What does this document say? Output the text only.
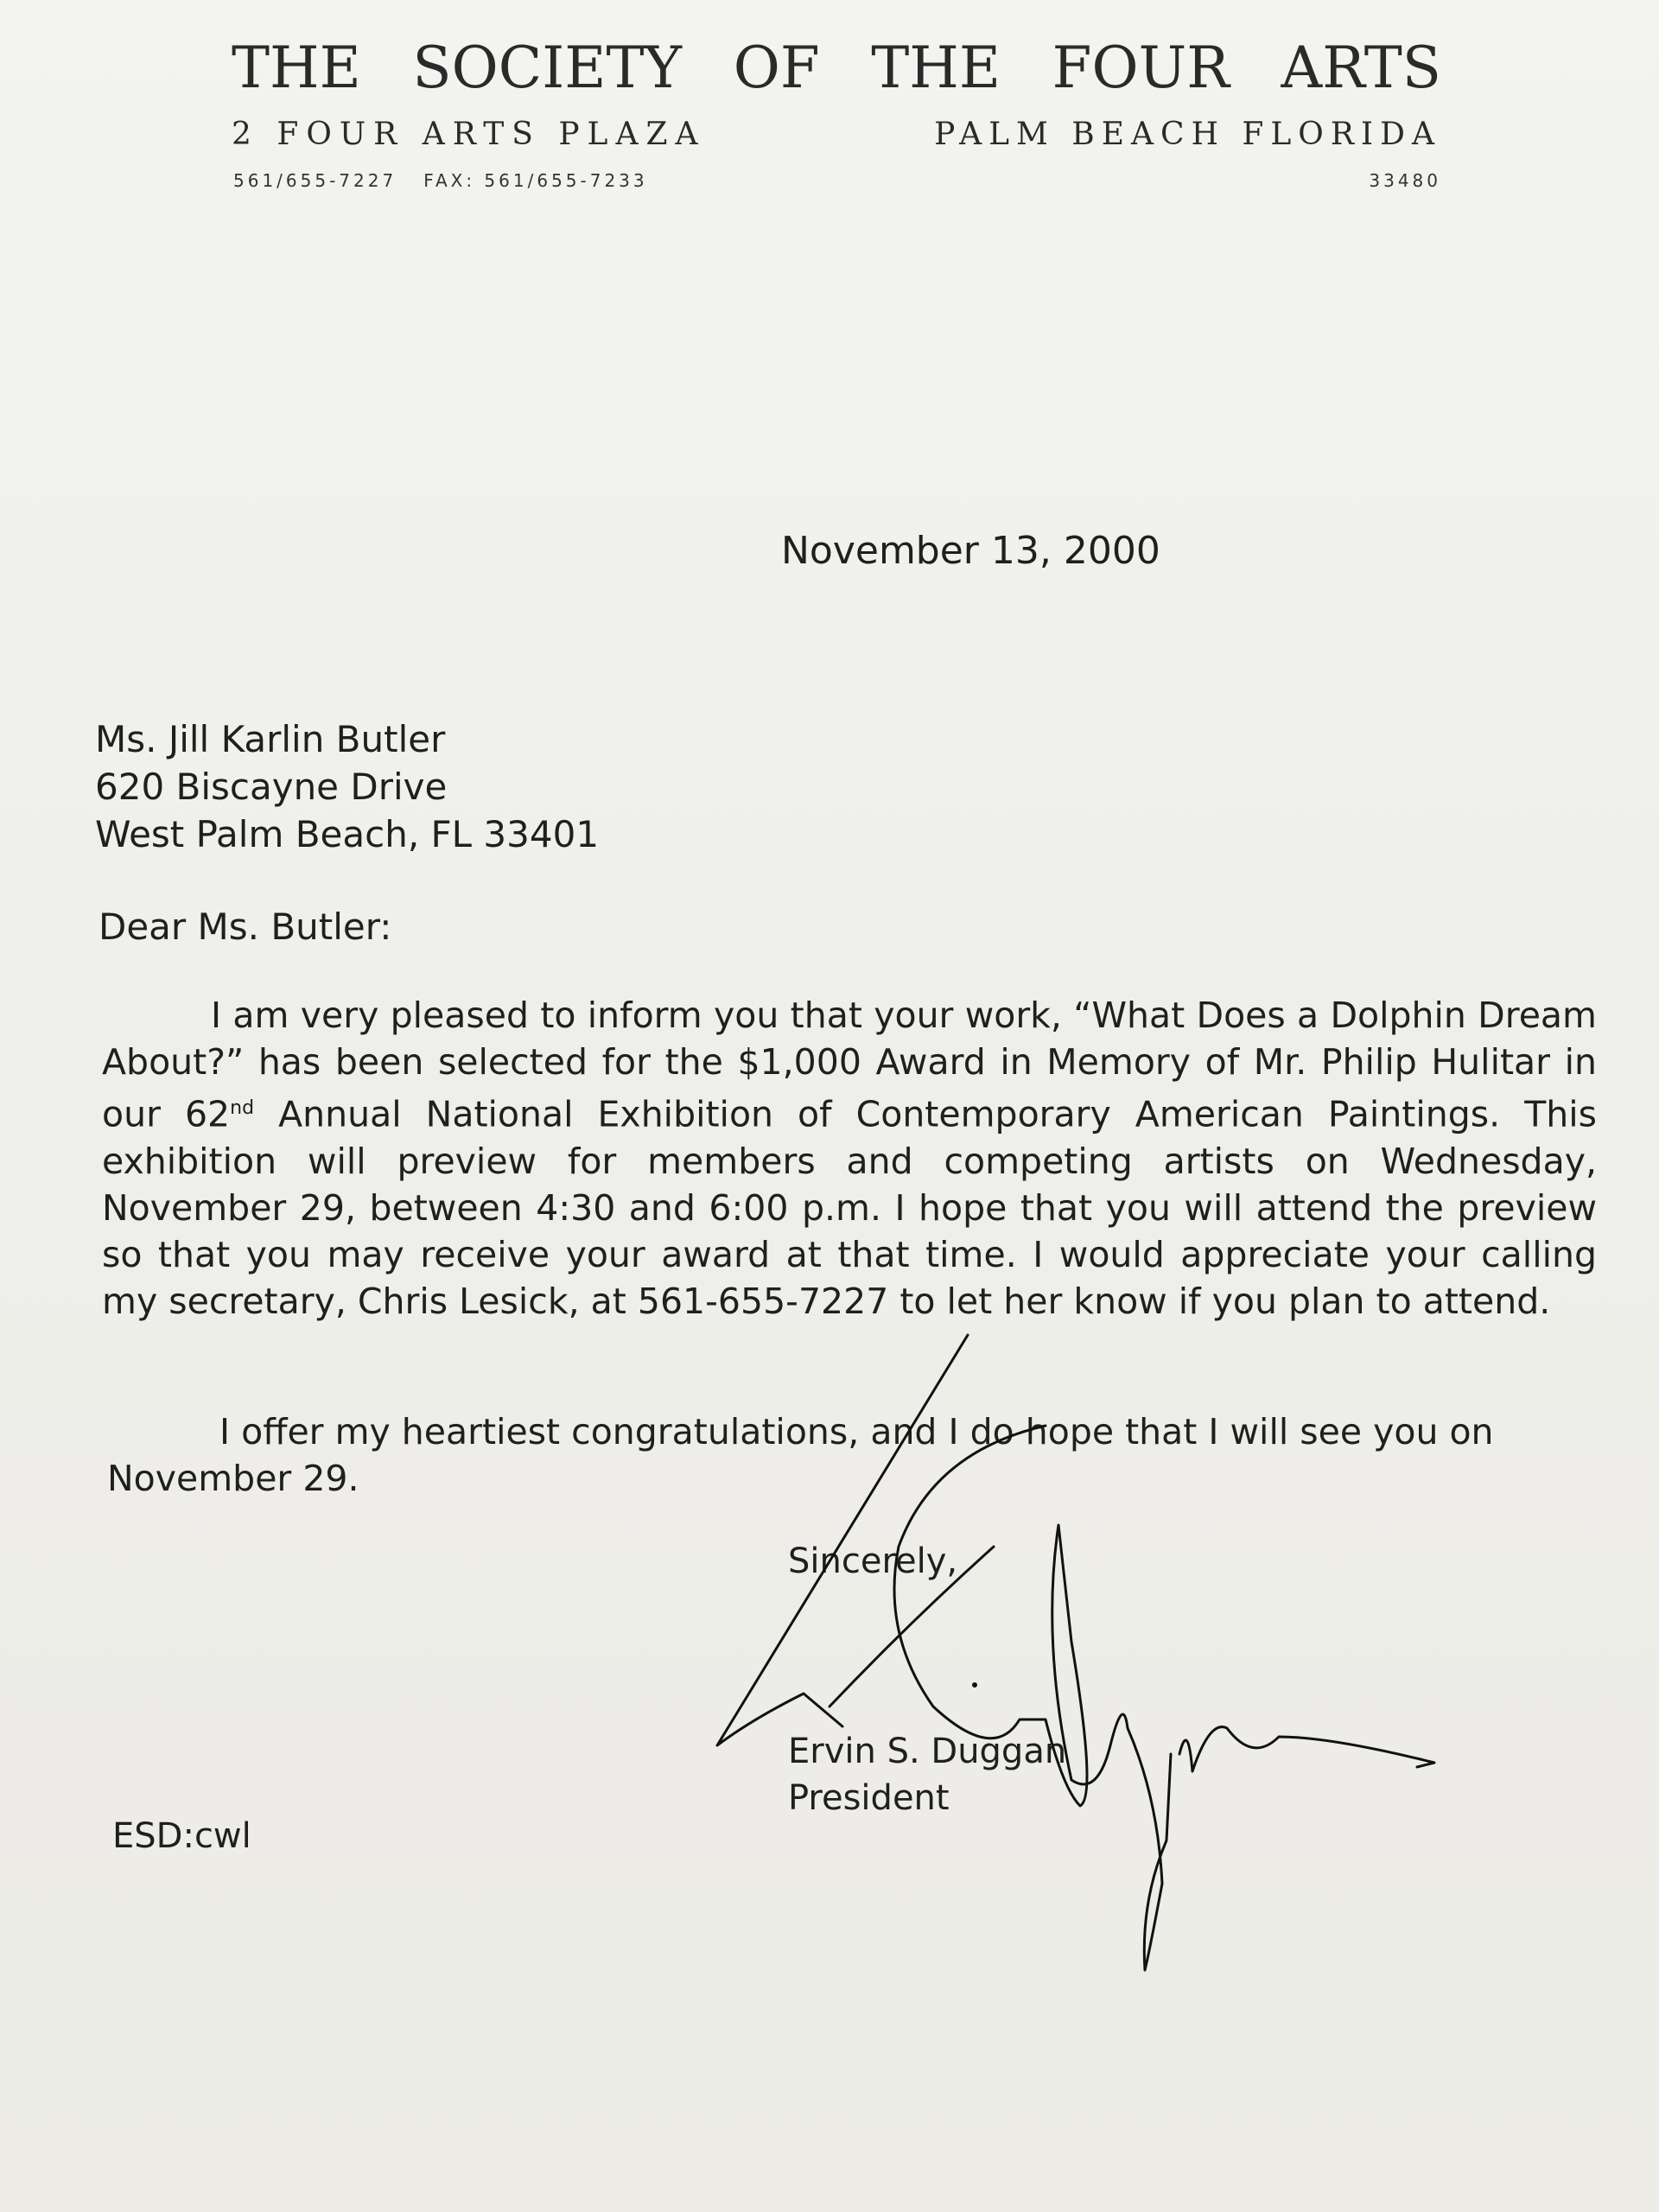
THE SOCIETY OF THE FOUR ARTS
2 FOUR ARTS PLAZA	PALM BEACH FLORIDA
561/655-7227 FAX: 561/655-7233	33480
November 13, 2000
Ms. Jill Karlin Butler
620 Biscayne Drive
West Palm Beach, FL 33401
Dear Ms. Butler:
I am very pleased to inform you that your work, “What Does a Dolphin Dream About?” has been selected for the $1,000 Award in Memory of Mr. Philip Hulitar in our 62nd Annual National Exhibition of Contemporary American Paintings. This exhibition will preview for members and competing artists on Wednesday, November 29, between 4:30 and 6:00 p.m. I hope that you will attend the preview so that you may receive your award at that time. I would appreciate your calling my secretary, Chris Lesick, at 561-655-7227 to let her know if you plan to attend.
I offer my heartiest congratulations, and I do hope that I will see you on November 29.
Sincerely,
Ervin S. Duggan
President
ESD:cwl
